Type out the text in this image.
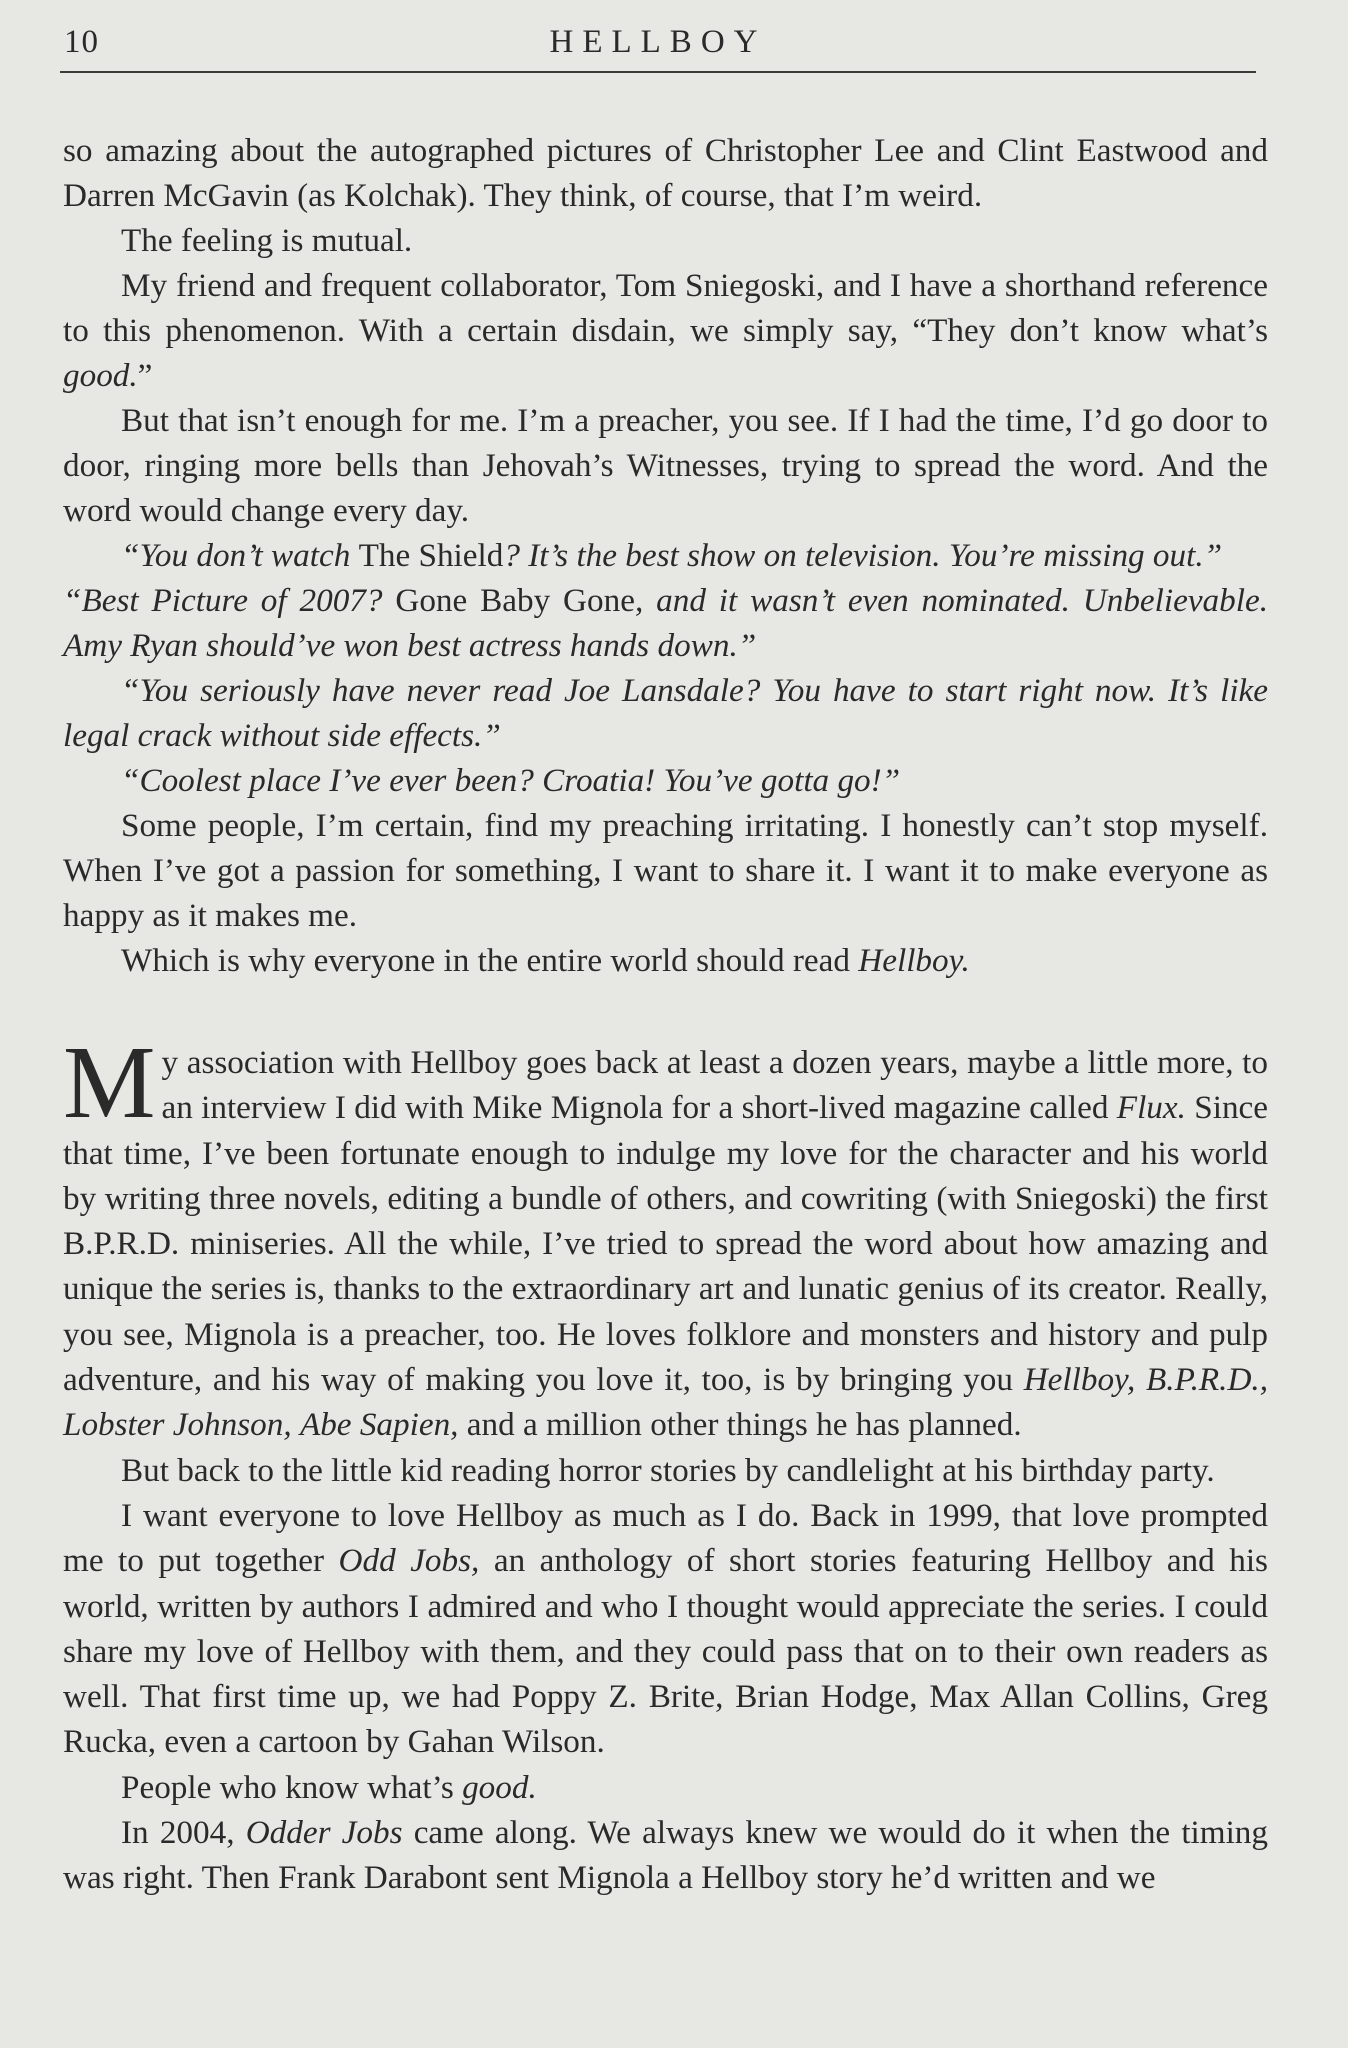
10	HELLBOY

so amazing about the autographed pictures of Christopher Lee and Clint Eastwood and Darren McGavin (as Kolchak). They think, of course, that I’m weird.

The feeling is mutual.

My friend and frequent collaborator, Tom Sniegoski, and I have a shorthand reference to this phenomenon. With a certain disdain, we simply say, “They don’t know what’s good.”

But that isn’t enough for me. I’m a preacher, you see. If I had the time, I’d go door to door, ringing more bells than Jehovah’s Witnesses, trying to spread the word. And the word would change every day.

“You don’t watch The Shield? It’s the best show on television. You’re missing out.”

“Best Picture of 2007? Gone Baby Gone, and it wasn’t even nominated. Unbelievable. Amy Ryan should’ve won best actress hands down.”

“You seriously have never read Joe Lansdale? You have to start right now. It’s like legal crack without side effects.”

“Coolest place I’ve ever been? Croatia! You’ve gotta go!”

Some people, I’m certain, find my preaching irritating. I honestly can’t stop myself. When I’ve got a passion for something, I want to share it. I want it to make everyone as happy as it makes me.

Which is why everyone in the entire world should read Hellboy.

My association with Hellboy goes back at least a dozen years, maybe a little more, to an interview I did with Mike Mignola for a short-lived magazine called Flux. Since that time, I’ve been fortunate enough to indulge my love for the character and his world by writing three novels, editing a bundle of others, and cowriting (with Sniegoski) the first B.P.R.D. miniseries. All the while, I’ve tried to spread the word about how amazing and unique the series is, thanks to the extraordinary art and lunatic genius of its creator. Really, you see, Mignola is a preacher, too. He loves folklore and monsters and history and pulp adventure, and his way of making you love it, too, is by bringing you Hellboy, B.P.R.D., Lobster Johnson, Abe Sapien, and a million other things he has planned.

But back to the little kid reading horror stories by candlelight at his birthday party.

I want everyone to love Hellboy as much as I do. Back in 1999, that love prompted me to put together Odd Jobs, an anthology of short stories featuring Hellboy and his world, written by authors I admired and who I thought would appreciate the series. I could share my love of Hellboy with them, and they could pass that on to their own readers as well. That first time up, we had Poppy Z. Brite, Brian Hodge, Max Allan Collins, Greg Rucka, even a cartoon by Gahan Wilson.

People who know what’s good.

In 2004, Odder Jobs came along. We always knew we would do it when the timing was right. Then Frank Darabont sent Mignola a Hellboy story he’d written and we
